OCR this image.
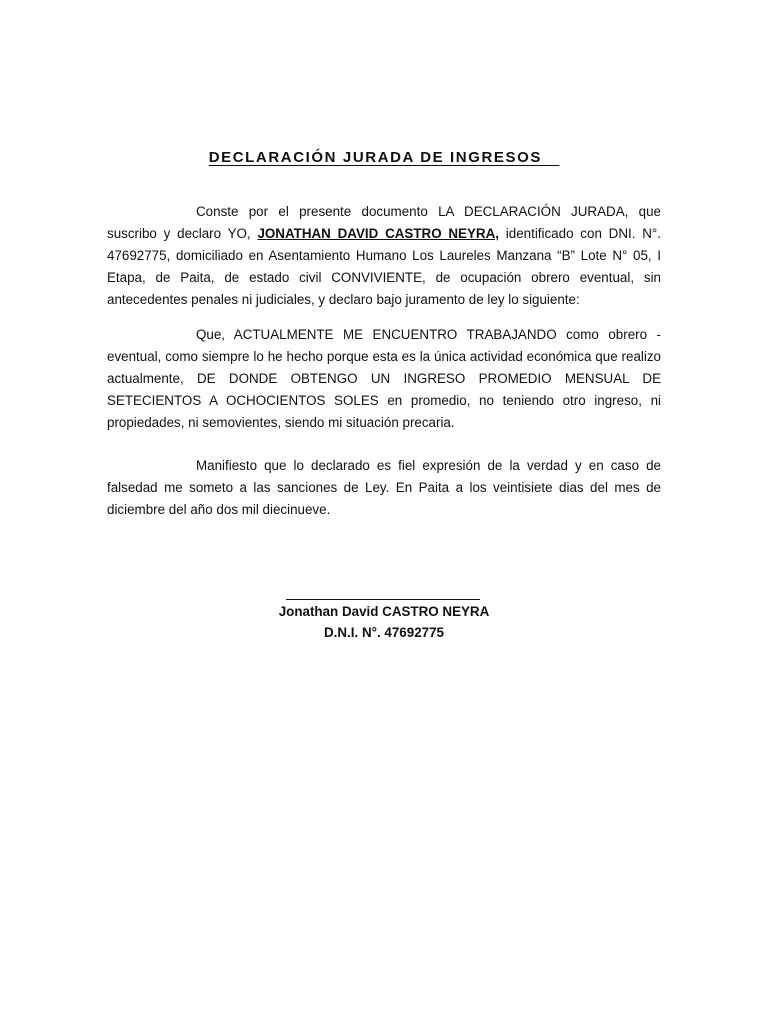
DECLARACIÓN JURADA DE INGRESOS

Conste por el presente documento LA DECLARACIÓN JURADA, que suscribo y declaro YO, JONATHAN DAVID CASTRO NEYRA, identificado con DNI. N°. 47692775, domiciliado en Asentamiento Humano Los Laureles Manzana “B” Lote N° 05, I Etapa, de Paita, de estado civil CONVIVIENTE, de ocupación obrero eventual, sin antecedentes penales ni judiciales, y declaro bajo juramento de ley lo siguiente:

Que, ACTUALMENTE ME ENCUENTRO TRABAJANDO como obrero - eventual, como siempre lo he hecho porque esta es la única actividad económica que realizo actualmente, DE DONDE OBTENGO UN INGRESO PROMEDIO MENSUAL DE SETECIENTOS A OCHOCIENTOS SOLES en promedio, no teniendo otro ingreso, ni propiedades, ni semovientes, siendo mi situación precaria.

Manifiesto que lo declarado es fiel expresión de la verdad y en caso de falsedad me someto a las sanciones de Ley. En Paita a los veintisiete dias del mes de diciembre del año dos mil diecinueve.

Jonathan David CASTRO NEYRA
D.N.I. N°. 47692775
